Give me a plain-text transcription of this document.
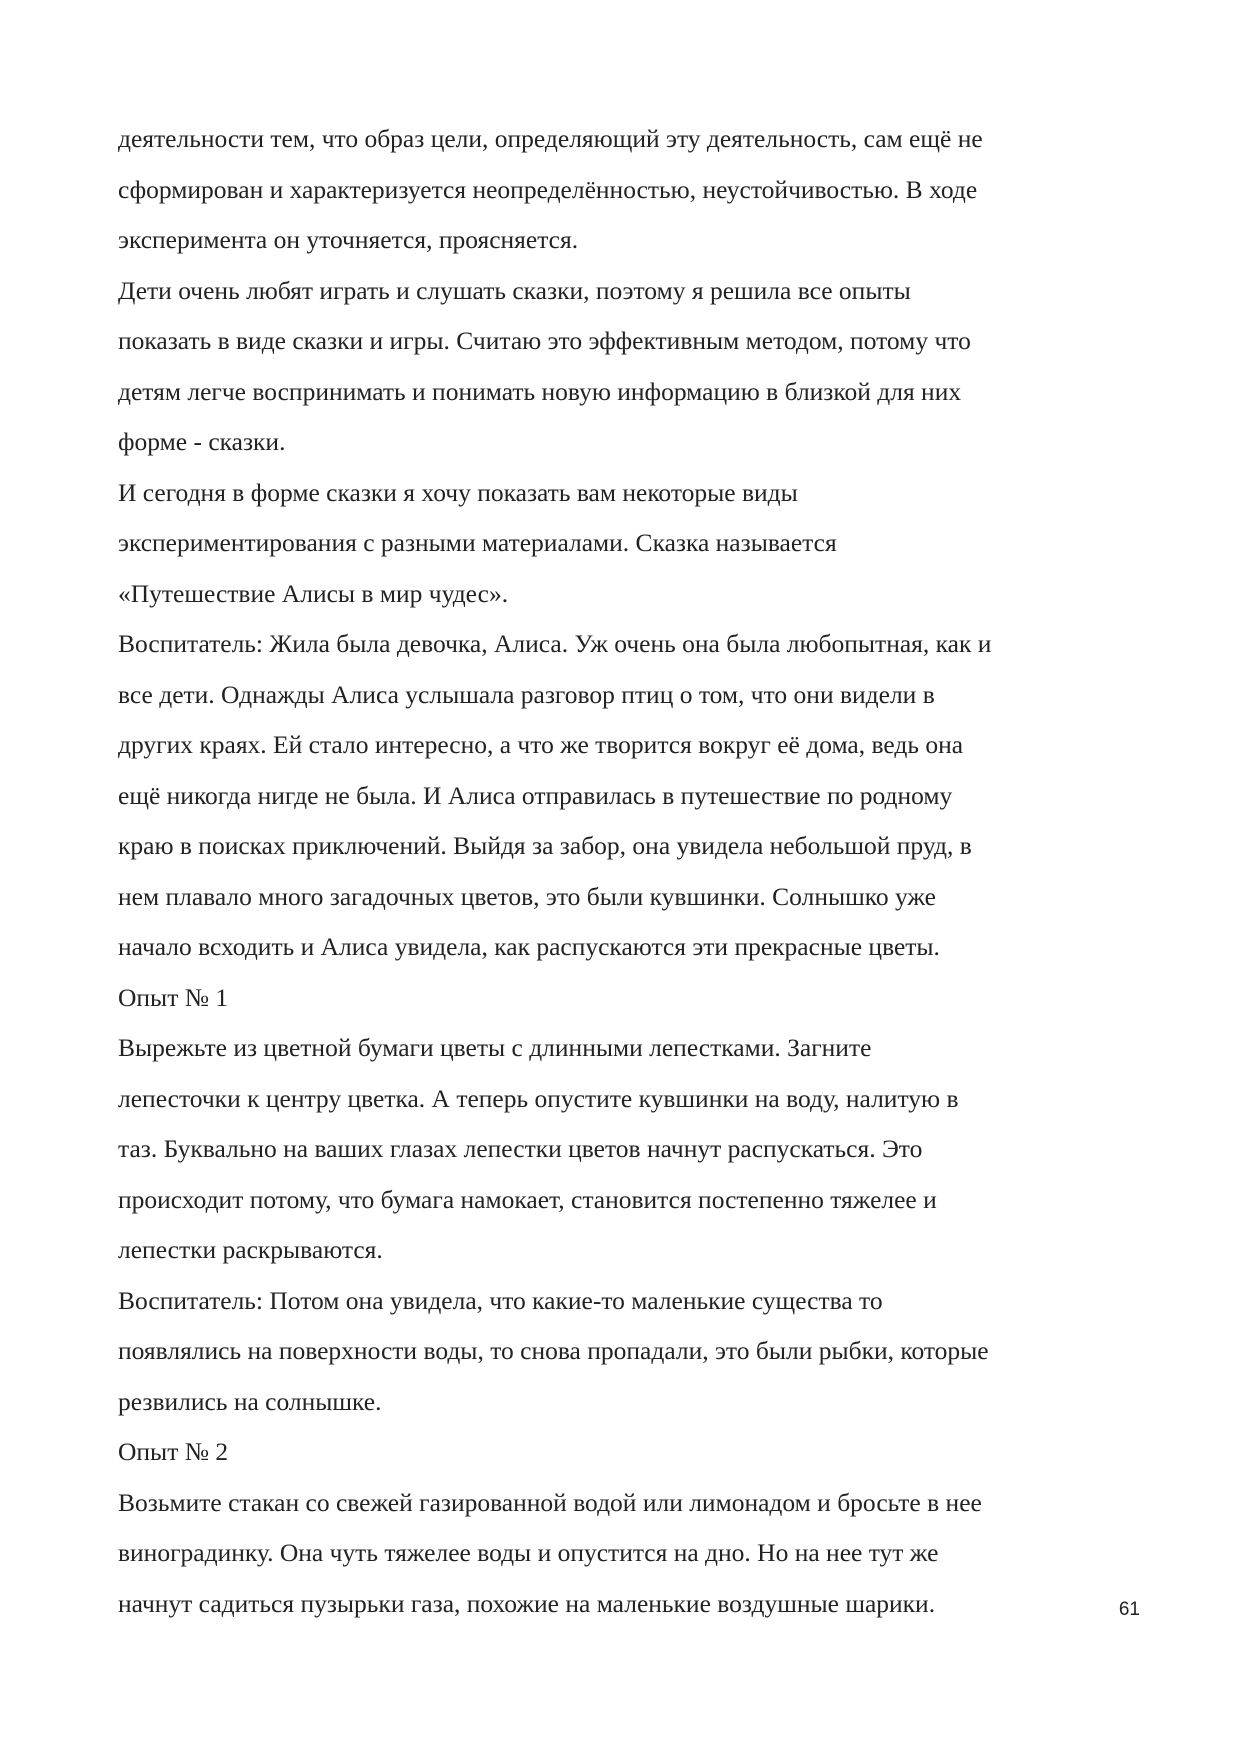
деятельности тем, что образ цели, определяющий эту деятельность, сам ещё не
сформирован и характеризуется неопределённостью, неустойчивостью. В ходе
эксперимента он уточняется, проясняется.
Дети очень любят играть и слушать сказки, поэтому я решила все опыты
показать в виде сказки и игры. Считаю это эффективным методом, потому что
детям легче воспринимать и понимать новую информацию в близкой для них
форме - сказки.
И сегодня в форме сказки я хочу показать вам некоторые виды
экспериментирования с разными материалами. Сказка называется
«Путешествие Алисы в мир чудес».
Воспитатель: Жила была девочка, Алиса. Уж очень она была любопытная, как и
все дети. Однажды Алиса услышала разговор птиц о том, что они видели в
других краях. Ей стало интересно, а что же творится вокруг её дома, ведь она
ещё никогда нигде не была. И Алиса отправилась в путешествие по родному
краю в поисках приключений. Выйдя за забор, она увидела небольшой пруд, в
нем плавало много загадочных цветов, это были кувшинки. Солнышко уже
начало всходить и Алиса увидела, как распускаются эти прекрасные цветы.
Опыт № 1
Вырежьте из цветной бумаги цветы с длинными лепестками. Загните
лепесточки к центру цветка. А теперь опустите кувшинки на воду, налитую в
таз. Буквально на ваших глазах лепестки цветов начнут распускаться. Это
происходит потому, что бумага намокает, становится постепенно тяжелее и
лепестки раскрываются.
Воспитатель: Потом она увидела, что какие-то маленькие существа то
появлялись на поверхности воды, то снова пропадали, это были рыбки, которые
резвились на солнышке.
Опыт № 2
Возьмите стакан со свежей газированной водой или лимонадом и бросьте в нее
виноградинку. Она чуть тяжелее воды и опустится на дно. Но на нее тут же
начнут садиться пузырьки газа, похожие на маленькие воздушные шарики.	61
